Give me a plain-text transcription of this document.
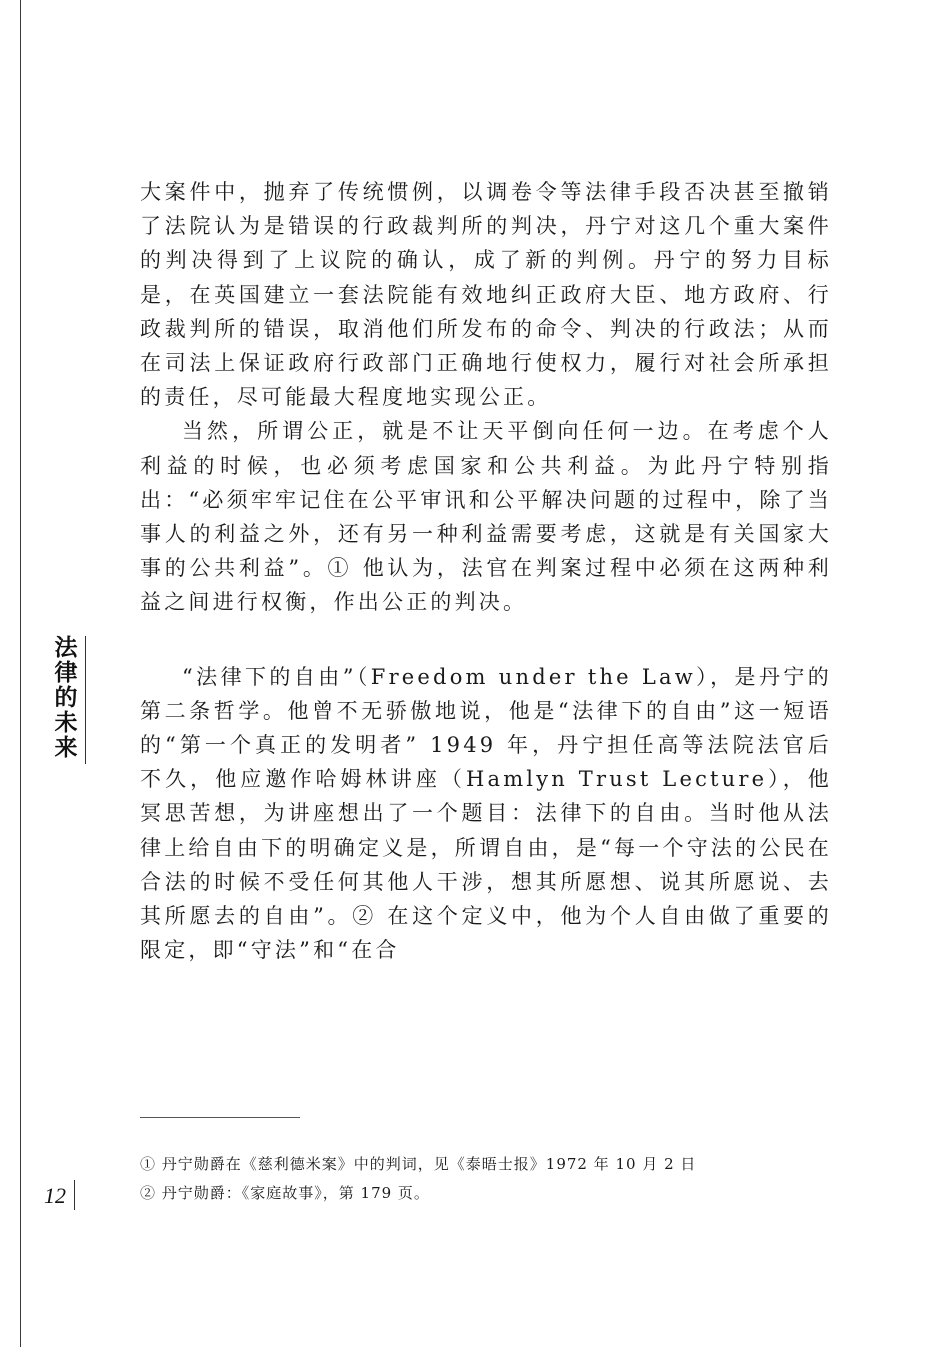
法律的未来

大案件中，抛弃了传统惯例，以调卷令等法律手段否决甚至撤销了法院认为是错误的行政裁判所的判决，丹宁对这几个重大案件的判决得到了上议院的确认，成了新的判例。丹宁的努力目标是，在英国建立一套法院能有效地纠正政府大臣、地方政府、行政裁判所的错误，取消他们所发布的命令、判决的行政法；从而在司法上保证政府行政部门正确地行使权力，履行对社会所承担的责任，尽可能最大程度地实现公正。

当然，所谓公正，就是不让天平倒向任何一边。在考虑个人利益的时候，也必须考虑国家和公共利益。为此丹宁特别指出：“必须牢牢记住在公平审讯和公平解决问题的过程中，除了当事人的利益之外，还有另一种利益需要考虑，这就是有关国家大事的公共利益”。① 他认为，法官在判案过程中必须在这两种利益之间进行权衡，作出公正的判决。

“法律下的自由”（Freedom under the Law），是丹宁的第二条哲学。他曾不无骄傲地说，他是“法律下的自由”这一短语的“第一个真正的发明者” 1949 年，丹宁担任高等法院法官后不久，他应邀作哈姆林讲座（Hamlyn Trust Lecture），他冥思苦想，为讲座想出了一个题目：法律下的自由。当时他从法律上给自由下的明确定义是，所谓自由，是“每一个守法的公民在合法的时候不受任何其他人干涉，想其所愿想、说其所愿说、去其所愿去的自由”。② 在这个定义中，他为个人自由做了重要的限定，即“守法”和“在合

① 丹宁勋爵在《慈利德米案》中的判词，见《泰晤士报》1972 年 10 月 2 日

② 丹宁勋爵：《家庭故事》，第 179 页。

12
